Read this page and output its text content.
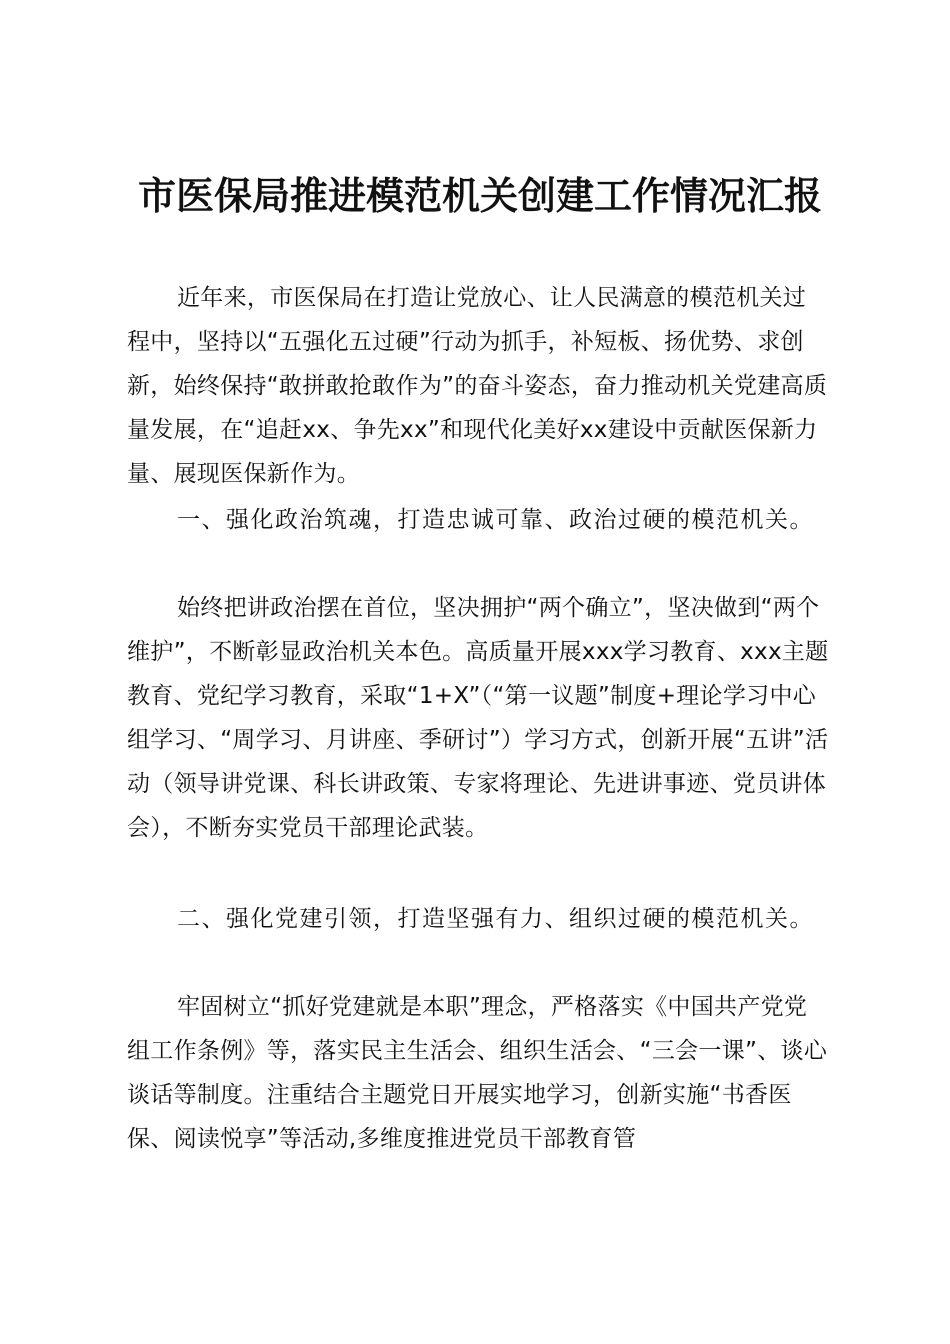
市医保局推进模范机关创建工作情况汇报

近年来，市医保局在打造让党放心、让人民满意的模范机关过程中，坚持以“五强化五过硬”行动为抓手，补短板、扬优势、求创新，始终保持“敢拼敢抢敢作为”的奋斗姿态，奋力推动机关党建高质量发展，在“追赶xx、争先xx”和现代化美好xx建设中贡献医保新力量、展现医保新作为。

一、强化政治筑魂，打造忠诚可靠、政治过硬的模范机关。

始终把讲政治摆在首位，坚决拥护“两个确立”，坚决做到“两个维护”，不断彰显政治机关本色。高质量开展xxx学习教育、xxx主题教育、党纪学习教育，采取“1+X”（“第一议题”制度+理论学习中心组学习、“周学习、月讲座、季研讨”）学习方式，创新开展“五讲”活动（领导讲党课、科长讲政策、专家将理论、先进讲事迹、党员讲体会），不断夯实党员干部理论武装。

二、强化党建引领，打造坚强有力、组织过硬的模范机关。

牢固树立“抓好党建就是本职”理念，严格落实《中国共产党党组工作条例》等，落实民主生活会、组织生活会、“三会一课”、谈心谈话等制度。注重结合主题党日开展实地学习，创新实施“书香医保、阅读悦享”等活动,多维度推进党员干部教育管
